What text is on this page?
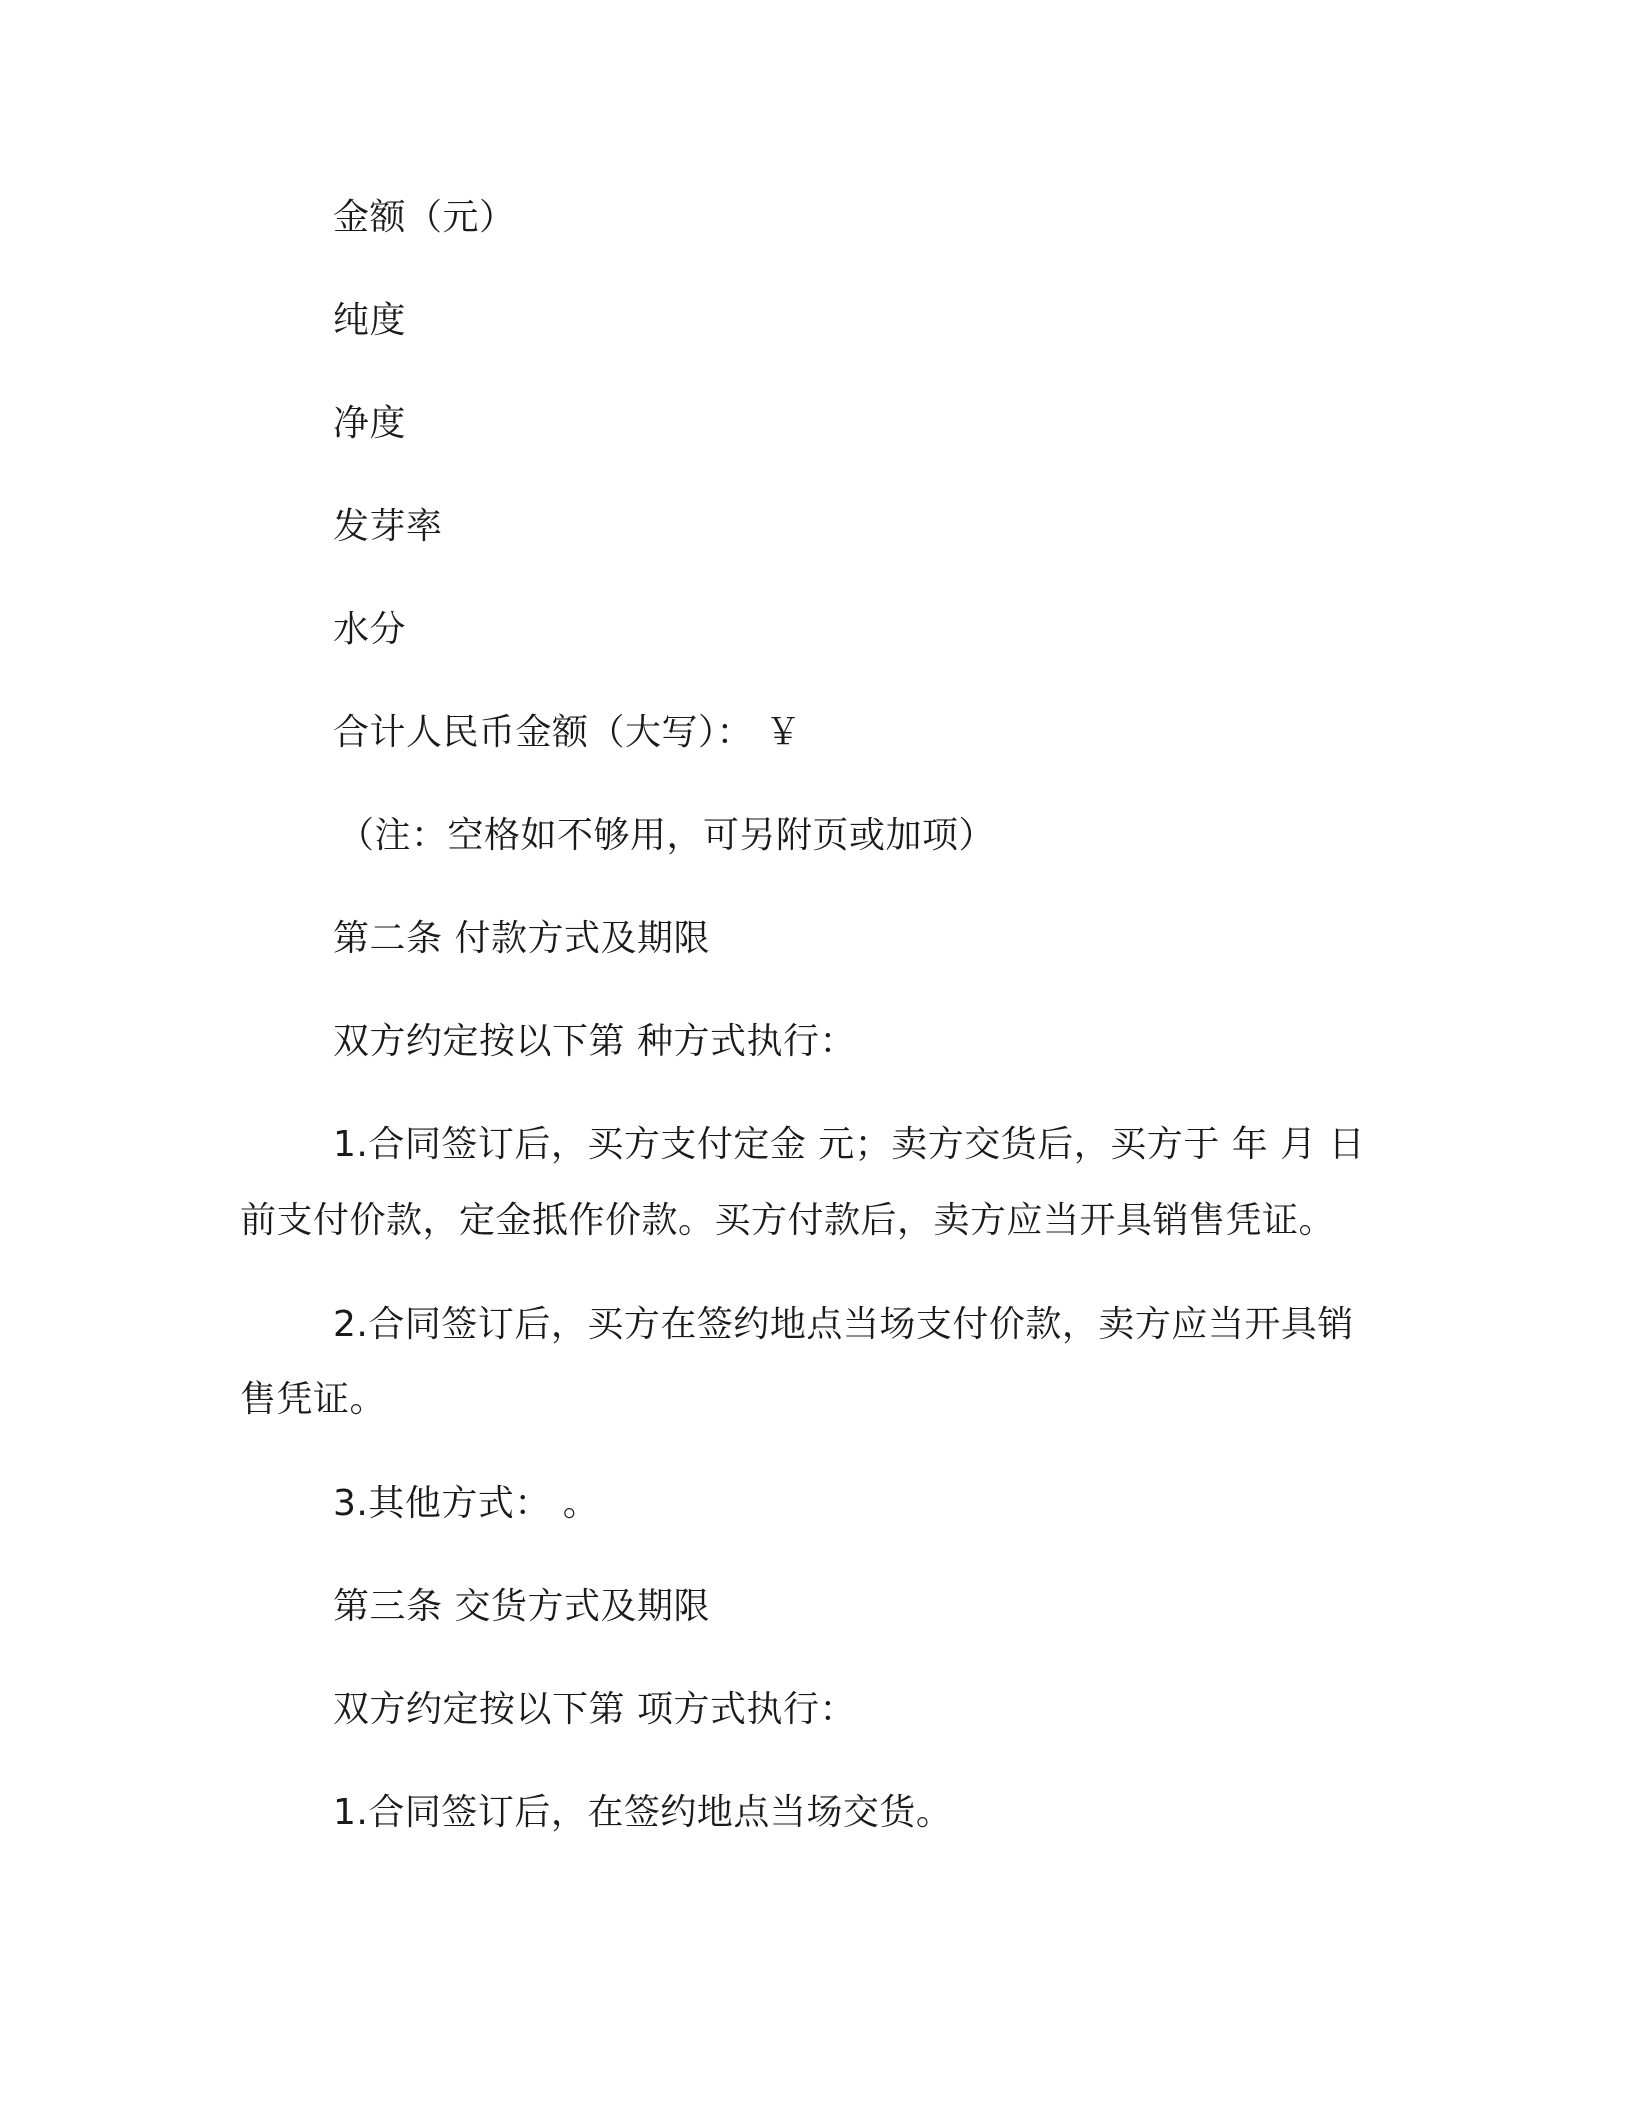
金额（元）
纯度
净度
发芽率
水分
合计人民币金额（大写）： ￥
（注：空格如不够用，可另附页或加项）
第二条 付款方式及期限
双方约定按以下第 种方式执行：
1.合同签订后，买方支付定金 元；卖方交货后，买方于 年 月 日
前支付价款，定金抵作价款。买方付款后，卖方应当开具销售凭证。
2.合同签订后，买方在签约地点当场支付价款，卖方应当开具销
售凭证。
3.其他方式： 。
第三条 交货方式及期限
双方约定按以下第 项方式执行：
1.合同签订后，在签约地点当场交货。
